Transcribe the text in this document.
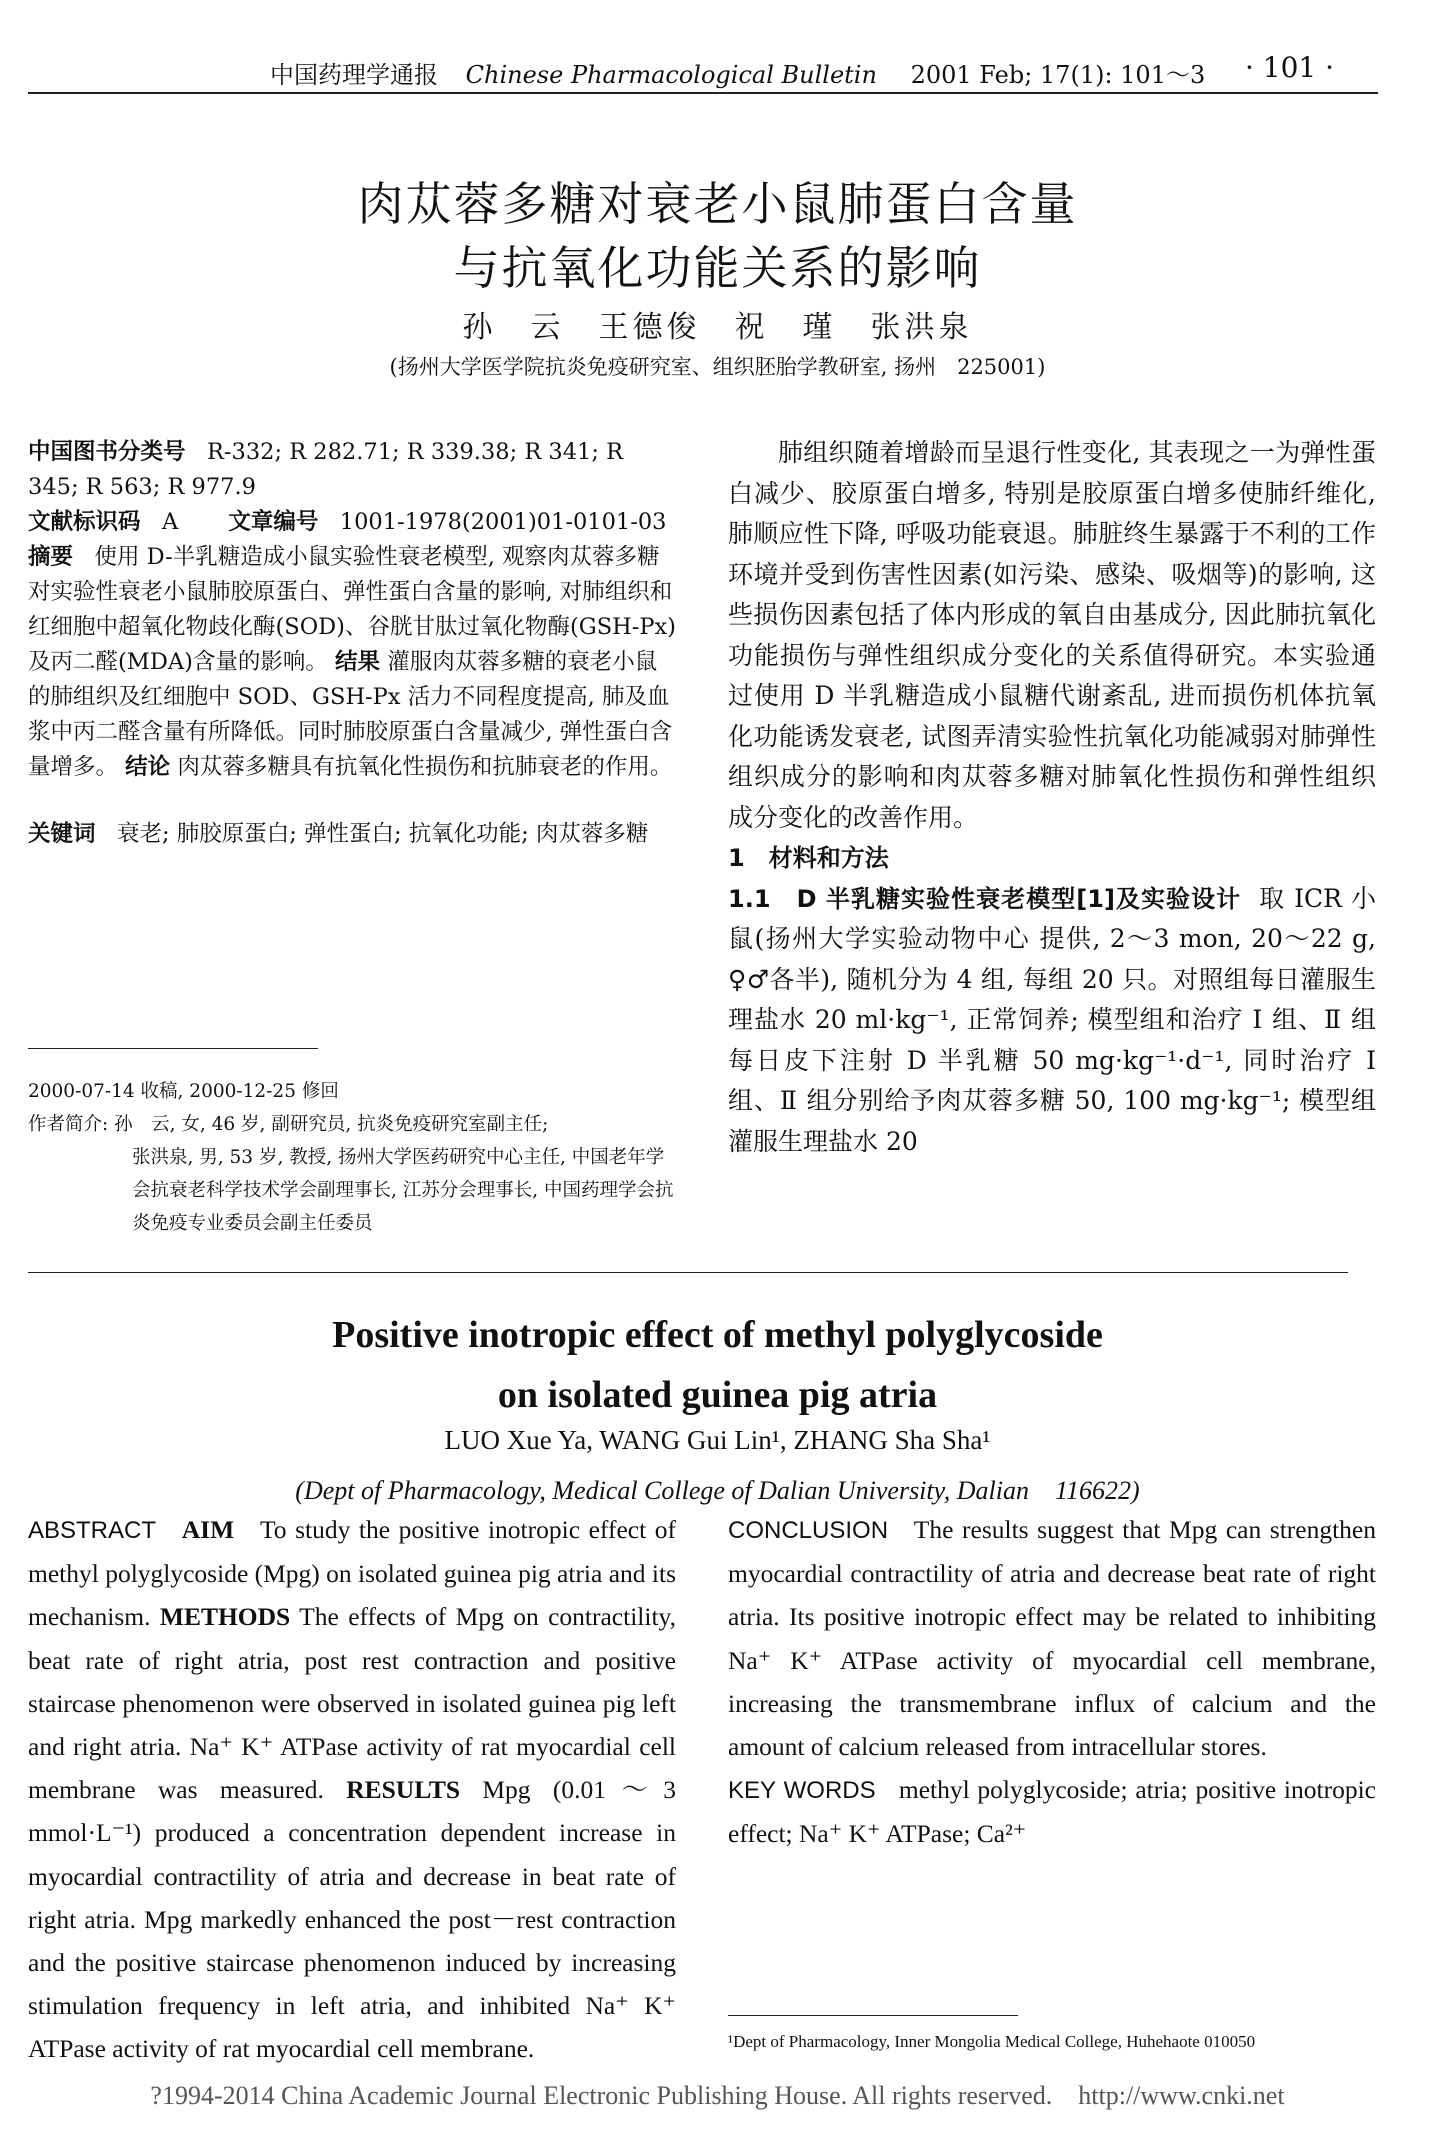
中国药理学通报 Chinese Pharmacological Bulletin 2001 Feb; 17(1): 101～3 · 101 ·
肉苁蓉多糖对衰老小鼠肺蛋白含量
与抗氧化功能关系的影响
孙　云　王德俊　祝　瑾　张洪泉
(扬州大学医学院抗炎免疫研究室、组织胚胎学教研室, 扬州　225001)

中国图书分类号 R-332; R 282.71; R 339.38; R 341; R 345; R 563; R 977.9

文献标识码 A 文章编号 1001-1978(2001)01-0101-03

摘要 使用 D-半乳糖造成小鼠实验性衰老模型, 观察肉苁蓉多糖对实验性衰老小鼠肺胶原蛋白、弹性蛋白含量的影响, 对肺组织和红细胞中超氧化物歧化酶(SOD)、谷胱甘肽过氧化物酶(GSH-Px)及丙二醛(MDA)含量的影响。 结果 灌服肉苁蓉多糖的衰老小鼠的肺组织及红细胞中 SOD、GSH-Px 活力不同程度提高, 肺及血浆中丙二醛含量有所降低。同时肺胶原蛋白含量减少, 弹性蛋白含量增多。 结论 肉苁蓉多糖具有抗氧化性损伤和抗肺衰老的作用。

关键词 衰老; 肺胶原蛋白; 弹性蛋白; 抗氧化功能; 肉苁蓉多糖

2000-07-14 收稿, 2000-12-25 修回
作者简介: 孙　云, 女, 46 岁, 副研究员, 抗炎免疫研究室副主任;
张洪泉, 男, 53 岁, 教授, 扬州大学医药研究中心主任, 中国老年学会抗衰老科学技术学会副理事长, 江苏分会理事长, 中国药理学会抗炎免疫专业委员会副主任委员

肺组织随着增龄而呈退行性变化, 其表现之一为弹性蛋白减少、胶原蛋白增多, 特别是胶原蛋白增多使肺纤维化, 肺顺应性下降, 呼吸功能衰退。肺脏终生暴露于不利的工作环境并受到伤害性因素(如污染、感染、吸烟等)的影响, 这些损伤因素包括了体内形成的氧自由基成分, 因此肺抗氧化功能损伤与弹性组织成分变化的关系值得研究。本实验通过使用 D 半乳糖造成小鼠糖代谢紊乱, 进而损伤机体抗氧化功能诱发衰老, 试图弄清实验性抗氧化功能减弱对肺弹性组织成分的影响和肉苁蓉多糖对肺氧化性损伤和弹性组织成分变化的改善作用。

1　材料和方法

1.1　D 半乳糖实验性衰老模型[1]及实验设计 取 ICR 小鼠(扬州大学实验动物中心 提供, 2～3 mon, 20～22 g, ♀♂各半), 随机分为 4 组, 每组 20 只。对照组每日灌服生理盐水 20 ml·kg⁻¹, 正常饲养; 模型组和治疗 Ⅰ 组、Ⅱ 组每日皮下注射 D 半乳糖 50 mg·kg⁻¹·d⁻¹, 同时治疗 Ⅰ 组、Ⅱ 组分别给予肉苁蓉多糖 50, 100 mg·kg⁻¹; 模型组灌服生理盐水 20

Positive inotropic effect of methyl polyglycoside
on isolated guinea pig atria
LUO Xue Ya, WANG Gui Lin¹, ZHANG Sha Sha¹
(Dept of Pharmacology, Medical College of Dalian University, Dalian　116622)

ABSTRACT AIM To study the positive inotropic effect of methyl polyglycoside (Mpg) on isolated guinea pig atria and its mechanism. METHODS The effects of Mpg on contractility, beat rate of right atria, post rest contraction and positive staircase phenomenon were observed in isolated guinea pig left and right atria. Na⁺ K⁺ ATPase activity of rat myocardial cell membrane was measured. RESULTS Mpg (0.01～3 mmol·L⁻¹) produced a concentration dependent increase in myocardial contractility of atria and decrease in beat rate of right atria. Mpg markedly enhanced the post－rest contraction and the positive staircase phenomenon induced by increasing stimulation frequency in left atria, and inhibited Na⁺ K⁺ ATPase activity of rat myocardial cell membrane.

CONCLUSION The results suggest that Mpg can strengthen myocardial contractility of atria and decrease beat rate of right atria. Its positive inotropic effect may be related to inhibiting Na⁺ K⁺ ATPase activity of myocardial cell membrane, increasing the transmembrane influx of calcium and the amount of calcium released from intracellular stores.

KEY WORDS methyl polyglycoside; atria; positive inotropic effect; Na⁺ K⁺ ATPase; Ca²⁺

¹Dept of Pharmacology, Inner Mongolia Medical College, Huhehaote 010050
?1994-2014 China Academic Journal Electronic Publishing House. All rights reserved.　http://www.cnki.net
